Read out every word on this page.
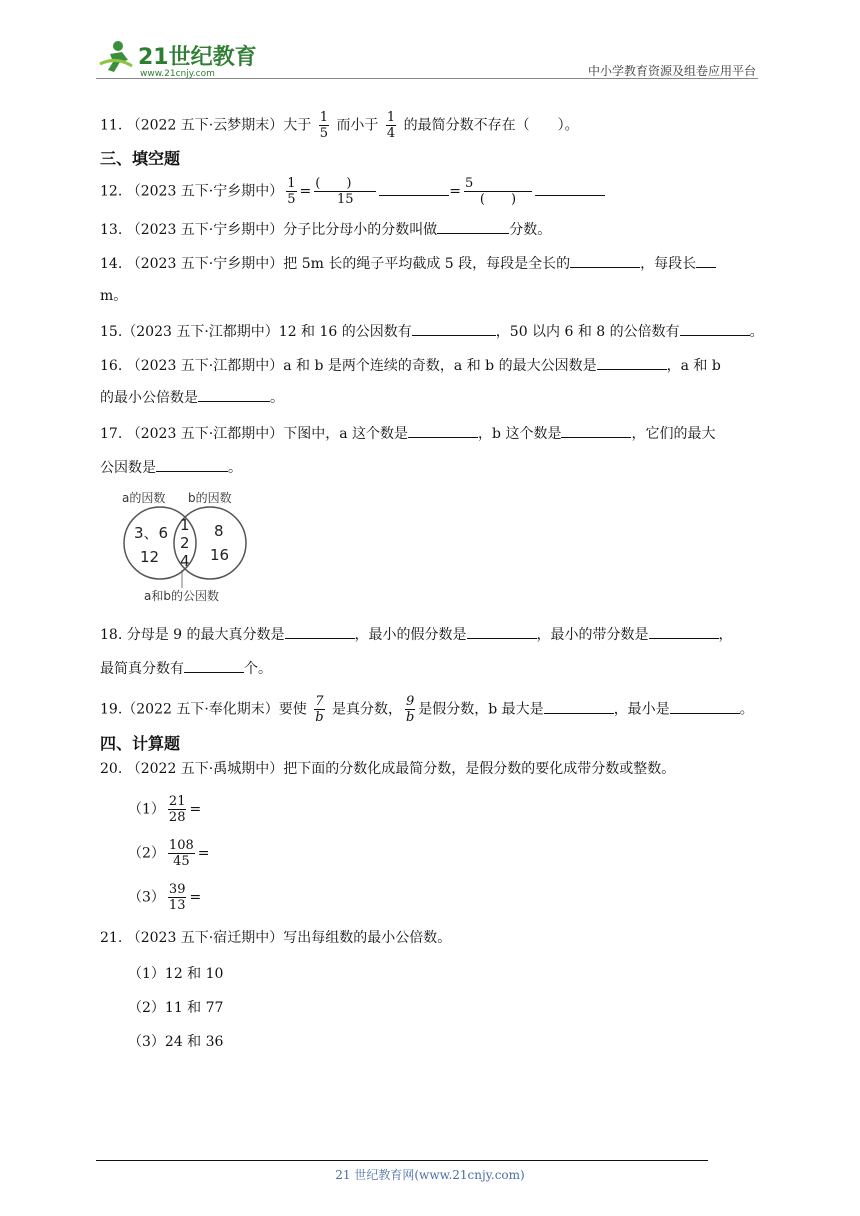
21世纪教育
www.21cnjy.com	中小学教育资源及组卷应用平台
11. （2022 五下·云梦期末）大于 $\frac{1}{5}$ 而小于 $\frac{1}{4}$ 的最简分数不存在（　　）。
三、填空题
12. （2023 五下·宁乡期中） $\frac{1}{5} = \frac{( )}{15}$	= $\frac{5}{( )}$
13. （2023 五下·宁乡期中）分子比分母小的分数叫做	分数。
14. （2023 五下·宁乡期中）把 5m 长的绳子平均截成 5 段，每段是全长的	，每段长
m。
15.（2023 五下·江都期中）12 和 16 的公因数有	，50 以内 6 和 8 的公倍数有	。
16. （2023 五下·江都期中）a 和 b 是两个连续的奇数，a 和 b 的最大公因数是	，a 和 b
的最小公倍数是	。
17. （2023 五下·江都期中）下图中，a 这个数是	，b 这个数是	，它们的最大
公因数是	。
a的因数 b的因数
3、6
12
1
2
4
8
16
a和b的公因数
18. 分母是 9 的最大真分数是	，最小的假分数是	，最小的带分数是	，
最简真分数有	个。
19.（2022 五下·奉化期末）要使 $\frac{7}{b}$ 是真分数， $\frac{9}{b}$ 是假分数，b 最大是	，最小是	。
四、计算题
20. （2022 五下·禹城期中）把下面的分数化成最简分数，是假分数的要化成带分数或整数。
$(1) \frac{21}{28}$ =
$(2) \frac{108}{45}$ =
$(3) \frac{39}{13}$ =
21. （2023 五下·宿迁期中）写出每组数的最小公倍数。
（1）12 和 10
（2）11 和 77
（3）24 和 36
21 世纪教育网(www.21cnjy.com)
